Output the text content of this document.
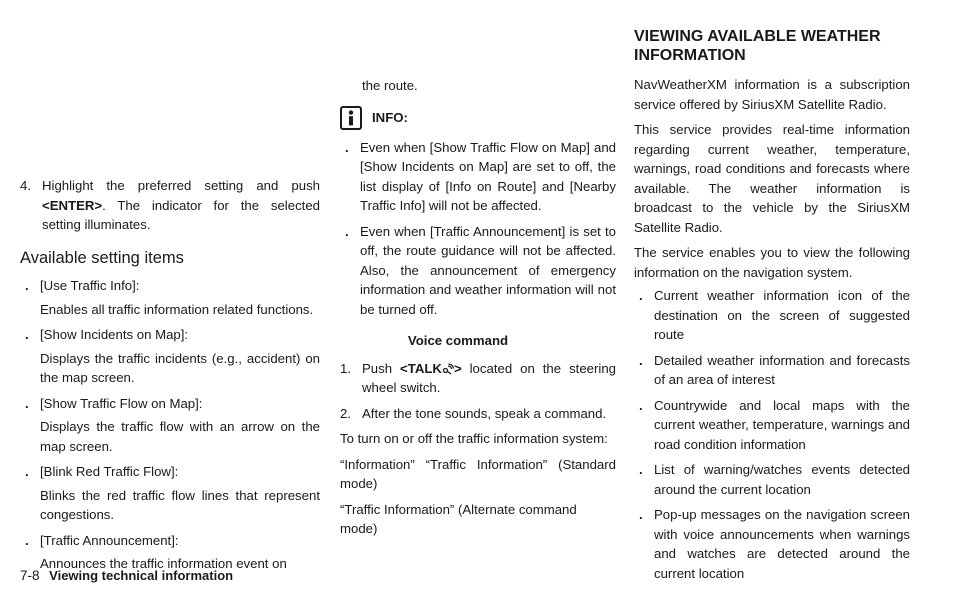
4. Highlight the preferred setting and push <ENTER>. The indicator for the selected setting illuminates.
Available setting items
. [Use Traffic Info]:
Enables all traffic information related functions.
. [Show Incidents on Map]:
Displays the traffic incidents (e.g., accident) on the map screen.
. [Show Traffic Flow on Map]:
Displays the traffic flow with an arrow on the map screen.
. [Blink Red Traffic Flow]:
Blinks the red traffic flow lines that represent congestions.
. [Traffic Announcement]:
Announces the traffic information event on

the route.

INFO:
. Even when [Show Traffic Flow on Map] and [Show Incidents on Map] are set to off, the list display of [Info on Route] and [Nearby Traffic Info] will not be affected.
. Even when [Traffic Announcement] is set to off, the route guidance will not be affected. Also, the announcement of emergency information and weather information will not be turned off.

Voice command

1. Push <TALK > located on the steering wheel switch.
2. After the tone sounds, speak a command.

To turn on or off the traffic information system:

“Information” “Traffic Information” (Standard mode)

“Traffic Information” (Alternate command mode)

VIEWING AVAILABLE WEATHER
INFORMATION

NavWeatherXM information is a subscription service offered by SiriusXM Satellite Radio.

This service provides real-time information regarding current weather, temperature, warnings, road conditions and forecasts where available. The weather information is broadcast to the vehicle by the SiriusXM Satellite Radio.

The service enables you to view the following information on the navigation system.

. Current weather information icon of the destination on the screen of suggested route
. Detailed weather information and forecasts of an area of interest
. Countrywide and local maps with the current weather, temperature, warnings and road condition information
. List of warning/watches events detected around the current location
. Pop-up messages on the navigation screen with voice announcements when warnings and watches are detected around the current location
7-8 Viewing technical information
